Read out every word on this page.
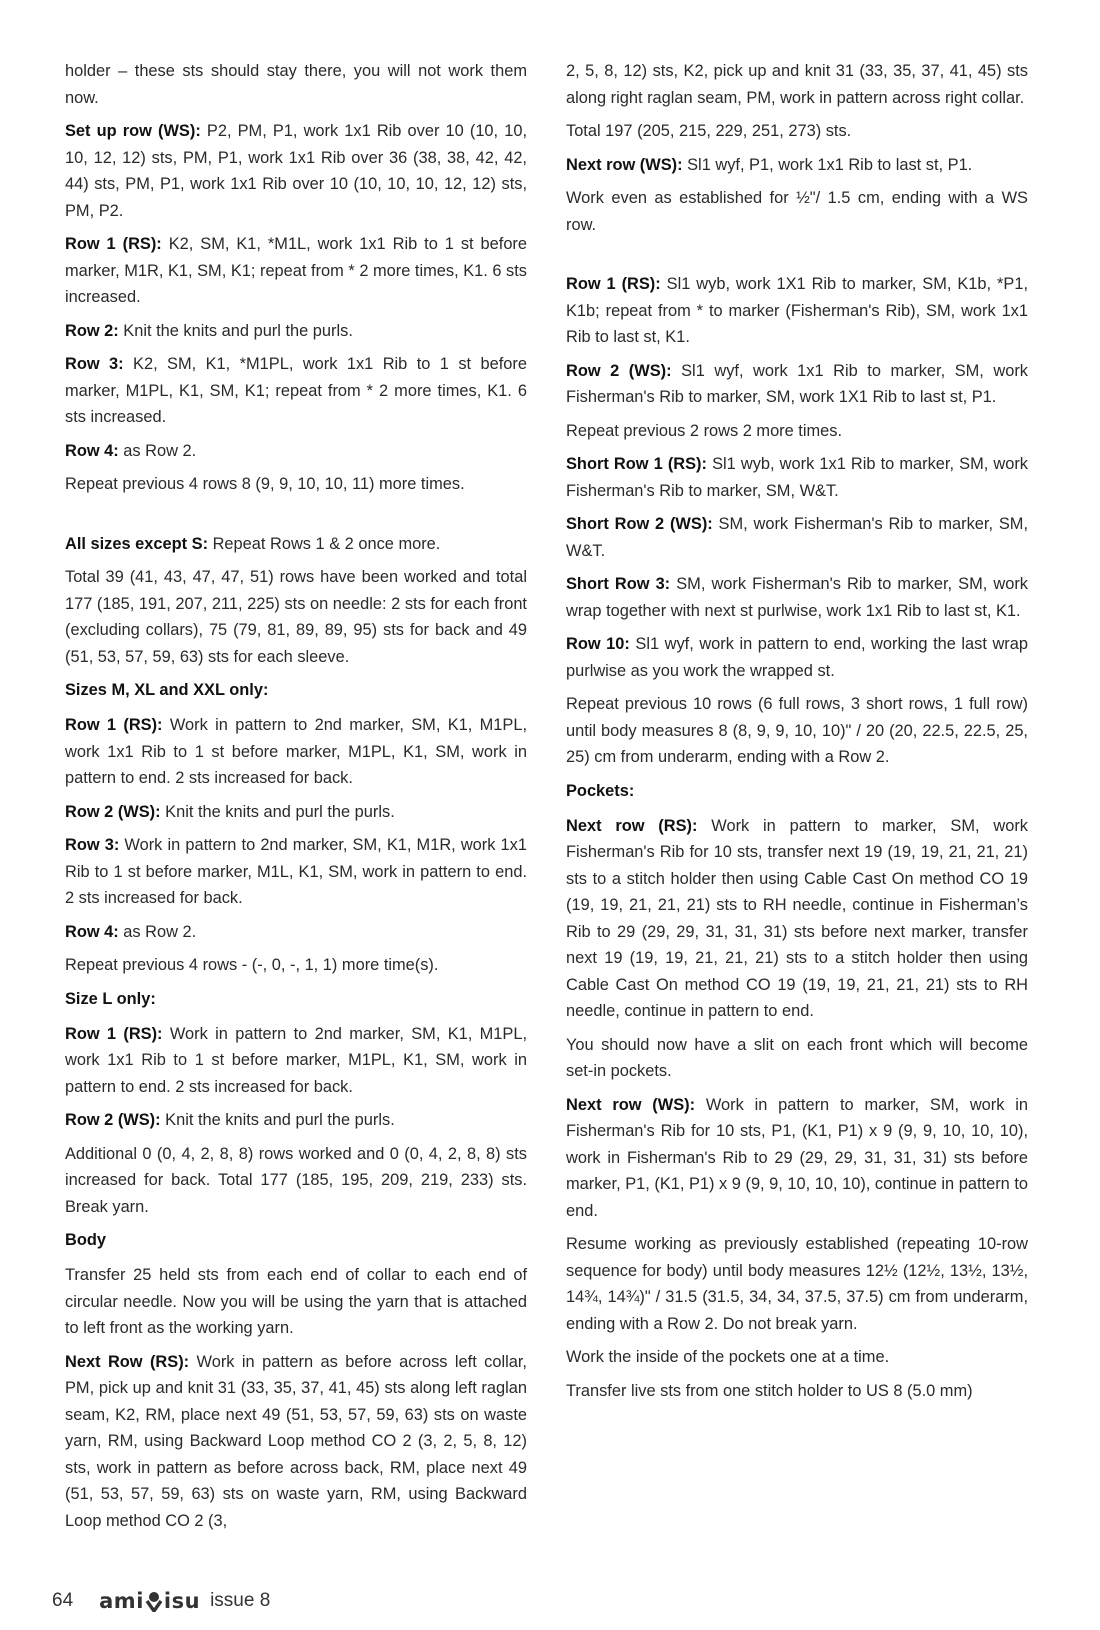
holder – these sts should stay there, you will not work them now.

Set up row (WS): P2, PM, P1, work 1x1 Rib over 10 (10, 10, 10, 12, 12) sts, PM, P1, work 1x1 Rib over 36 (38, 38, 42, 42, 44) sts, PM, P1, work 1x1 Rib over 10 (10, 10, 10, 12, 12) sts, PM, P2.

Row 1 (RS): K2, SM, K1, *M1L, work 1x1 Rib to 1 st before marker, M1R, K1, SM, K1; repeat from * 2 more times, K1. 6 sts increased.

Row 2: Knit the knits and purl the purls.

Row 3: K2, SM, K1, *M1PL, work 1x1 Rib to 1 st before marker, M1PL, K1, SM, K1; repeat from * 2 more times, K1. 6 sts increased.

Row 4: as Row 2.

Repeat previous 4 rows 8 (9, 9, 10, 10, 11) more times.

All sizes except S: Repeat Rows 1 & 2 once more.

Total 39 (41, 43, 47, 47, 51) rows have been worked and total 177 (185, 191, 207, 211, 225) sts on needle: 2 sts for each front (excluding collars), 75 (79, 81, 89, 89, 95) sts for back and 49 (51, 53, 57, 59, 63) sts for each sleeve.

Sizes M, XL and XXL only:

Row 1 (RS): Work in pattern to 2nd marker, SM, K1, M1PL, work 1x1 Rib to 1 st before marker, M1PL, K1, SM, work in pattern to end. 2 sts increased for back.

Row 2 (WS): Knit the knits and purl the purls.

Row 3: Work in pattern to 2nd marker, SM, K1, M1R, work 1x1 Rib to 1 st before marker, M1L, K1, SM, work in pattern to end. 2 sts increased for back.

Row 4: as Row 2.

Repeat previous 4 rows - (-, 0, -, 1, 1) more time(s).

Size L only:

Row 1 (RS): Work in pattern to 2nd marker, SM, K1, M1PL, work 1x1 Rib to 1 st before marker, M1PL, K1, SM, work in pattern to end. 2 sts increased for back.

Row 2 (WS): Knit the knits and purl the purls.

Additional 0 (0, 4, 2, 8, 8) rows worked and 0 (0, 4, 2, 8, 8) sts increased for back. Total 177 (185, 195, 209, 219, 233) sts. Break yarn.

Body

Transfer 25 held sts from each end of collar to each end of circular needle. Now you will be using the yarn that is attached to left front as the working yarn.

Next Row (RS): Work in pattern as before across left collar, PM, pick up and knit 31 (33, 35, 37, 41, 45) sts along left raglan seam, K2, RM, place next 49 (51, 53, 57, 59, 63) sts on waste yarn, RM, using Backward Loop method CO 2 (3, 2, 5, 8, 12) sts, work in pattern as before across back, RM, place next 49 (51, 53, 57, 59, 63) sts on waste yarn, RM, using Backward Loop method CO 2 (3,

2, 5, 8, 12) sts, K2, pick up and knit 31 (33, 35, 37, 41, 45) sts along right raglan seam, PM, work in pattern across right collar.

Total 197 (205, 215, 229, 251, 273) sts.

Next row (WS): Sl1 wyf, P1, work 1x1 Rib to last st, P1.

Work even as established for ½"/ 1.5 cm, ending with a WS row.

Row 1 (RS): Sl1 wyb, work 1X1 Rib to marker, SM, K1b, *P1, K1b; repeat from * to marker (Fisherman's Rib), SM, work 1x1 Rib to last st, K1.

Row 2 (WS): Sl1 wyf, work 1x1 Rib to marker, SM, work Fisherman's Rib to marker, SM, work 1X1 Rib to last st, P1.

Repeat previous 2 rows 2 more times.

Short Row 1 (RS): Sl1 wyb, work 1x1 Rib to marker, SM, work Fisherman's Rib to marker, SM, W&T.

Short Row 2 (WS): SM, work Fisherman's Rib to marker, SM, W&T.

Short Row 3: SM, work Fisherman's Rib to marker, SM, work wrap together with next st purlwise, work 1x1 Rib to last st, K1.

Row 10: Sl1 wyf, work in pattern to end, working the last wrap purlwise as you work the wrapped st.

Repeat previous 10 rows (6 full rows, 3 short rows, 1 full row) until body measures 8 (8, 9, 9, 10, 10)" / 20 (20, 22.5, 22.5, 25, 25) cm from underarm, ending with a Row 2.

Pockets:

Next row (RS): Work in pattern to marker, SM, work Fisherman's Rib for 10 sts, transfer next 19 (19, 19, 21, 21, 21) sts to a stitch holder then using Cable Cast On method CO 19 (19, 19, 21, 21, 21) sts to RH needle, continue in Fisherman’s Rib to 29 (29, 29, 31, 31, 31) sts before next marker, transfer next 19 (19, 19, 21, 21, 21) sts to a stitch holder then using Cable Cast On method CO 19 (19, 19, 21, 21, 21) sts to RH needle, continue in pattern to end.

You should now have a slit on each front which will become set-in pockets.

Next row (WS): Work in pattern to marker, SM, work in Fisherman's Rib for 10 sts, P1, (K1, P1) x 9 (9, 9, 10, 10, 10), work in Fisherman's Rib to 29 (29, 29, 31, 31, 31) sts before marker, P1, (K1, P1) x 9 (9, 9, 10, 10, 10), continue in pattern to end.

Resume working as previously established (repeating 10-row sequence for body) until body measures 12½ (12½, 13½, 13½, 14¾, 14¾)" / 31.5 (31.5, 34, 34, 37.5, 37.5) cm from underarm, ending with a Row 2. Do not break yarn.

Work the inside of the pockets one at a time.

Transfer live sts from one stitch holder to US 8 (5.0 mm)

64 ami isu issue 8
